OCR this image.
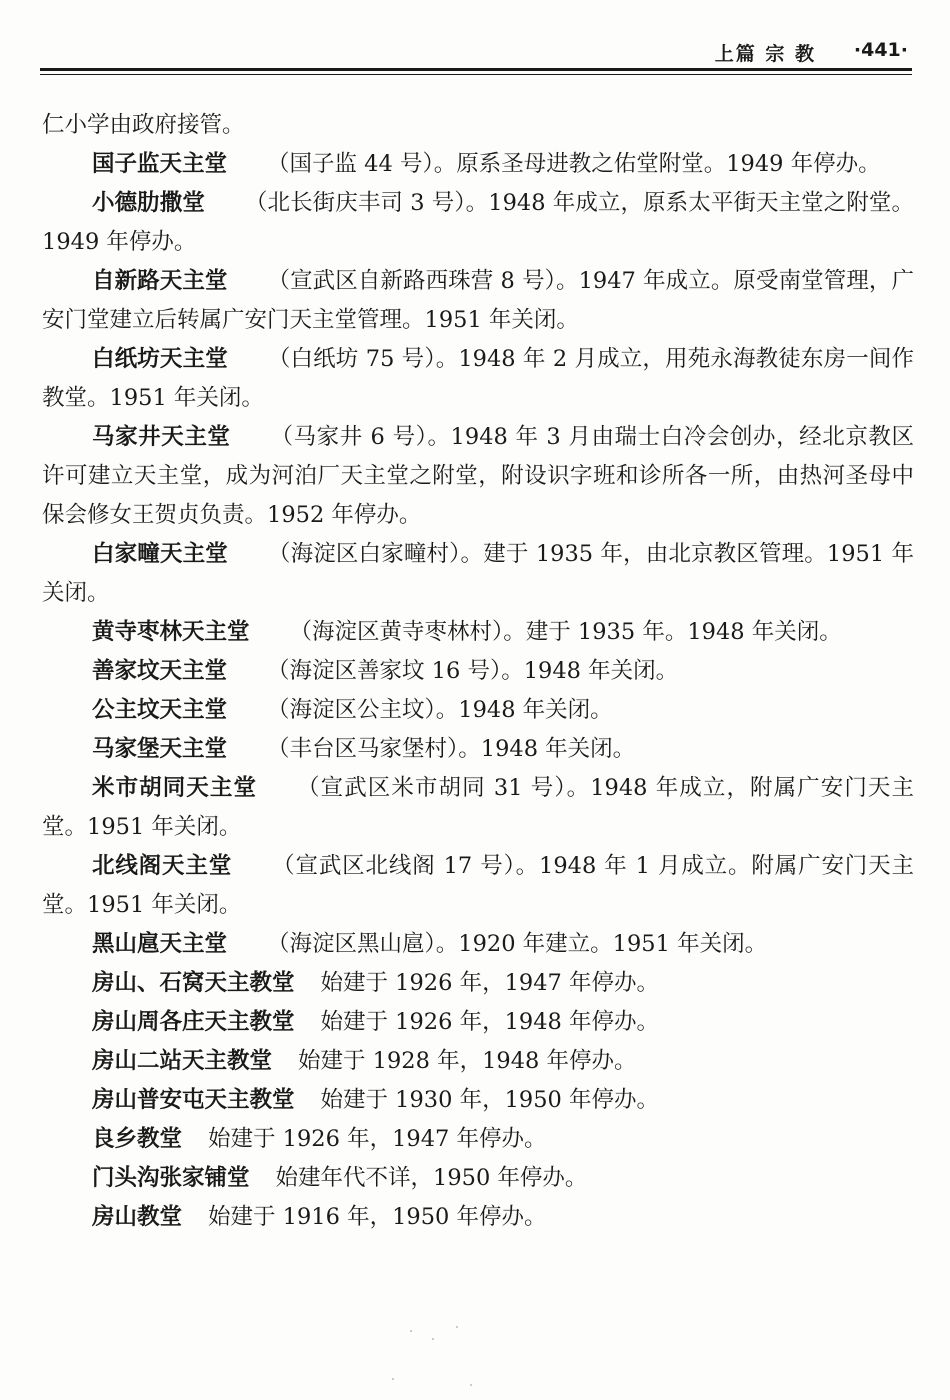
上篇 宗 教 ·441·

仁小学由政府接管。

国子监天主堂 （国子监 44 号）。原系圣母进教之佑堂附堂。1949 年停办。

小德肋撒堂 （北长街庆丰司 3 号）。1948 年成立，原系太平街天主堂之附堂。1949 年停办。

自新路天主堂 （宣武区自新路西珠营 8 号）。1947 年成立。原受南堂管理，广安门堂建立后转属广安门天主堂管理。1951 年关闭。

白纸坊天主堂 （白纸坊 75 号）。1948 年 2 月成立，用苑永海教徒东房一间作教堂。1951 年关闭。

马家井天主堂 （马家井 6 号）。1948 年 3 月由瑞士白冷会创办，经北京教区许可建立天主堂，成为河泊厂天主堂之附堂，附设识字班和诊所各一所，由热河圣母中保会修女王贺贞负责。1952 年停办。

白家疃天主堂 （海淀区白家疃村）。建于 1935 年，由北京教区管理。1951 年关闭。

黄寺枣林天主堂 （海淀区黄寺枣林村）。建于 1935 年。1948 年关闭。

善家坟天主堂 （海淀区善家坟 16 号）。1948 年关闭。

公主坟天主堂 （海淀区公主坟）。1948 年关闭。

马家堡天主堂 （丰台区马家堡村）。1948 年关闭。

米市胡同天主堂 （宣武区米市胡同 31 号）。1948 年成立，附属广安门天主堂。1951 年关闭。

北线阁天主堂 （宣武区北线阁 17 号）。1948 年 1 月成立。附属广安门天主堂。1951 年关闭。

黑山扈天主堂 （海淀区黑山扈）。1920 年建立。1951 年关闭。

房山、石窝天主教堂 始建于 1926 年，1947 年停办。

房山周各庄天主教堂 始建于 1926 年，1948 年停办。

房山二站天主教堂 始建于 1928 年，1948 年停办。

房山普安屯天主教堂 始建于 1930 年，1950 年停办。

良乡教堂 始建于 1926 年，1947 年停办。

门头沟张家铺堂 始建年代不详，1950 年停办。

房山教堂 始建于 1916 年，1950 年停办。
